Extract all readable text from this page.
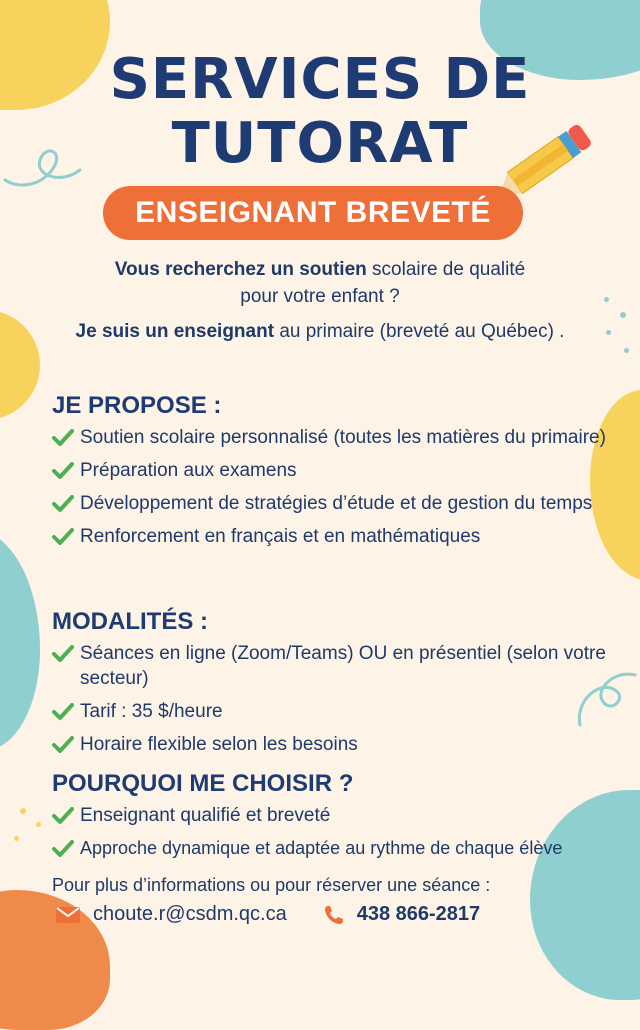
SERVICES DE
TUTORAT
ENSEIGNANT BREVETÉ
Vous recherchez un soutien scolaire de qualité
pour votre enfant ?
Je suis un enseignant au primaire (breveté au Québec) .
JE PROPOSE :
Soutien scolaire personnalisé (toutes les matières du primaire)
Préparation aux examens
Développement de stratégies d’étude et de gestion du temps
Renforcement en français et en mathématiques
MODALITÉS :
Séances en ligne (Zoom/Teams) OU en présentiel (selon votre secteur)
Tarif : 35 $/heure
Horaire flexible selon les besoins
POURQUOI ME CHOISIR ?
Enseignant qualifié et breveté
Approche dynamique et adaptée au rythme de chaque élève

Pour plus d’informations ou pour réserver une séance :

choute.r@csdm.qc.ca	438 866-2817
